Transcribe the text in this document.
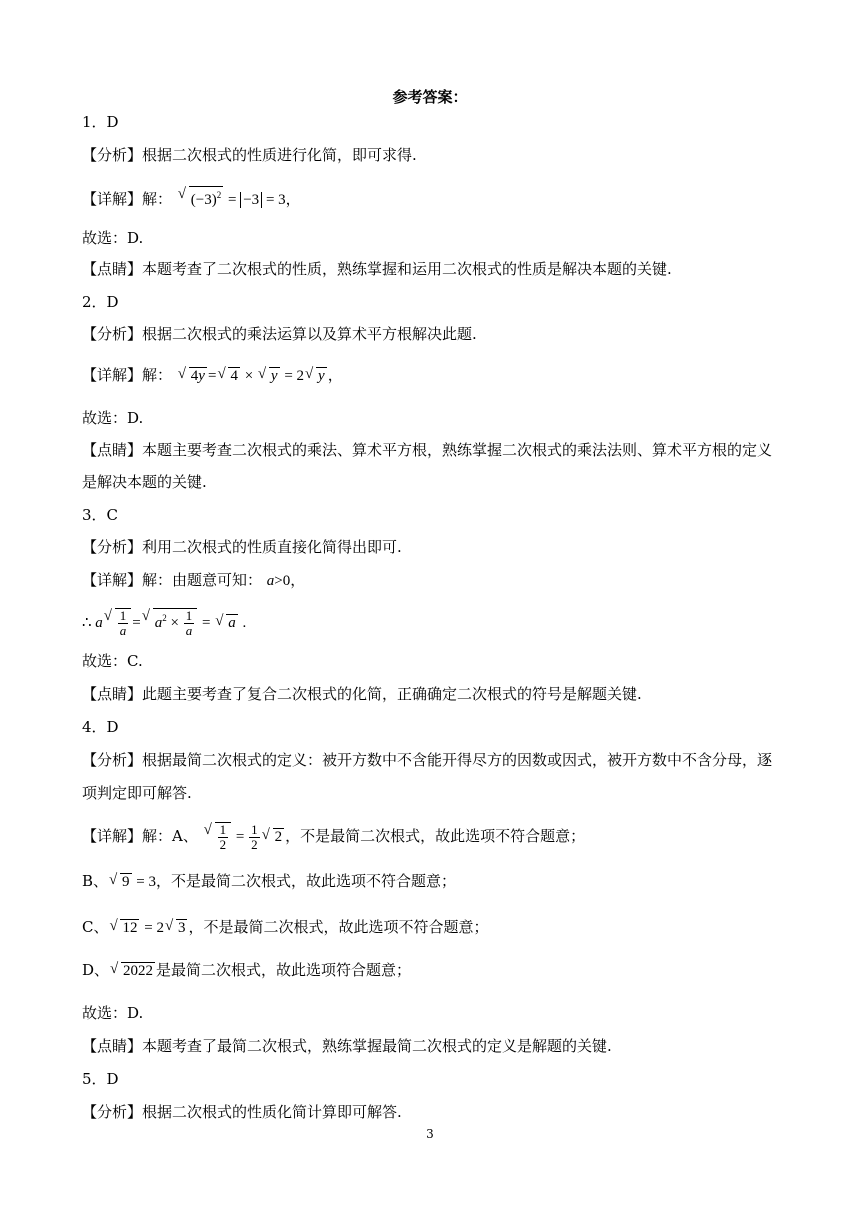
参考答案：
1．D
【分析】根据二次根式的性质进行化简，即可求得.
【详解】解： √ $(-3)^2 = -3 = 3$，
故选：D.
【点睛】本题考查了二次根式的性质，熟练掌握和运用二次根式的性质是解决本题的关键.
2．D
【分析】根据二次根式的乘法运算以及算术平方根解决此题.
【详解】解： √ 4y = √ 4 × √ y = 2 √ y ，
故选：D.
【点睛】本题主要考查二次根式的乘法、算术平方根，熟练掌握二次根式的乘法法则、算术平方根的定义
是解决本题的关键.
3．C
【分析】利用二次根式的性质直接化简得出即可.
【详解】解：由题意可知： a>0，
∴ a √ $\frac{1}{a}$ = √ $a^2 \times \frac{1}{a}$ = √ a .
故选：C.
【点睛】此题主要考查了复合二次根式的化简，正确确定二次根式的符号是解题关键.
4．D
【分析】根据最简二次根式的定义：被开方数中不含能开得尽方的因数或因式，被开方数中不含分母，逐
项判定即可解答.
【详解】解：A、 √ $\frac{1}{2} = \frac{1}{2}$ √ 2 ，不是最简二次根式，故此选项不符合题意；
B、 √ 9 = 3，不是最简二次根式，故此选项不符合题意；
C、 √ 12 = 2 √ 3 ，不是最简二次根式，故此选项不符合题意；
D、 √ 2022 是最简二次根式，故此选项符合题意；
故选：D.
【点睛】本题考查了最简二次根式，熟练掌握最简二次根式的定义是解题的关键.
5．D
【分析】根据二次根式的性质化简计算即可解答.
3
